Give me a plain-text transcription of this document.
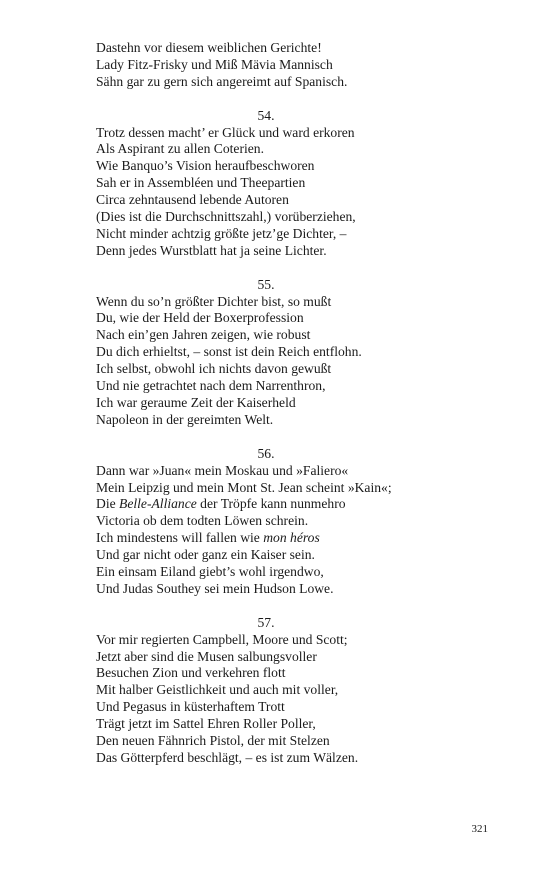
Dastehn vor diesem weiblichen Gerichte!
Lady Fitz-Frisky und Miß Mävia Mannisch
Sähn gar zu gern sich angereimt auf Spanisch.
54.
Trotz dessen macht’ er Glück und ward erkoren
Als Aspirant zu allen Coterien.
Wie Banquo’s Vision heraufbeschworen
Sah er in Assembléen und Theepartien
Circa zehntausend lebende Autoren
(Dies ist die Durchschnittszahl,) vorüberziehen,
Nicht minder achtzig größte jetz’ge Dichter, –
Denn jedes Wurstblatt hat ja seine Lichter.
55.
Wenn du so’n größter Dichter bist, so mußt
Du, wie der Held der Boxerprofession
Nach ein’gen Jahren zeigen, wie robust
Du dich erhieltst, – sonst ist dein Reich entflohn.
Ich selbst, obwohl ich nichts davon gewußt
Und nie getrachtet nach dem Narrenthron,
Ich war geraume Zeit der Kaiserheld
Napoleon in der gereimten Welt.
56.
Dann war »Juan« mein Moskau und »Faliero«
Mein Leipzig und mein Mont St. Jean scheint »Kain«;
Die Belle-Alliance der Tröpfe kann nunmehro
Victoria ob dem todten Löwen schrein.
Ich mindestens will fallen wie mon héros
Und gar nicht oder ganz ein Kaiser sein.
Ein einsam Eiland giebt’s wohl irgendwo,
Und Judas Southey sei mein Hudson Lowe.
57.
Vor mir regierten Campbell, Moore und Scott;
Jetzt aber sind die Musen salbungsvoller
Besuchen Zion und verkehren flott
Mit halber Geistlichkeit und auch mit voller,
Und Pegasus in küsterhaftem Trott
Trägt jetzt im Sattel Ehren Roller Poller,
Den neuen Fähnrich Pistol, der mit Stelzen
Das Götterpferd beschlägt, – es ist zum Wälzen.
321
